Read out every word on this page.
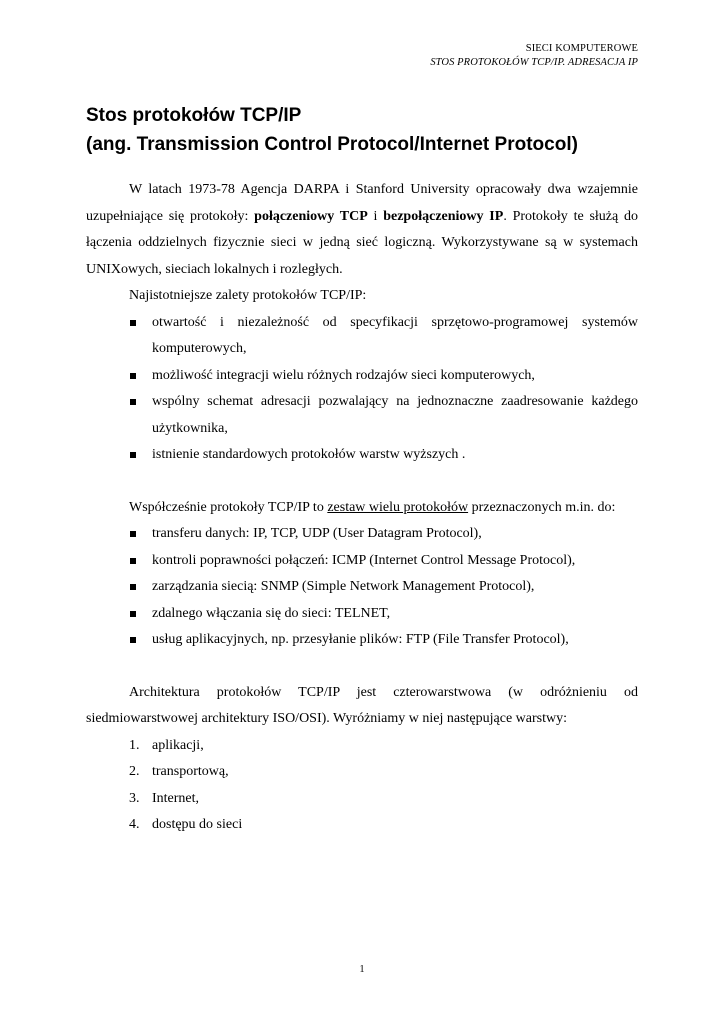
SIECI KOMPUTEROWE
STOS PROTOKOŁÓW TCP/IP. ADRESACJA IP
Stos protokołów TCP/IP
(ang. Transmission Control Protocol/Internet Protocol)

W latach 1973-78 Agencja DARPA i Stanford University opracowały dwa wzajemnie uzupełniające się protokoły: połączeniowy TCP i bezpołączeniowy IP. Protokoły te służą do łączenia oddzielnych fizycznie sieci w jedną sieć logiczną. Wykorzystywane są w systemach UNIXowych, sieciach lokalnych i rozległych.

Najistotniejsze zalety protokołów TCP/IP:

otwartość i niezależność od specyfikacji sprzętowo-programowej systemów komputerowych,
możliwość integracji wielu różnych rodzajów sieci komputerowych,
wspólny schemat adresacji pozwalający na jednoznaczne zaadresowanie każdego użytkownika,
istnienie standardowych protokołów warstw wyższych .

Współcześnie protokoły TCP/IP to zestaw wielu protokołów przeznaczonych m.in. do:

transferu danych: IP, TCP, UDP (User Datagram Protocol),
kontroli poprawności połączeń: ICMP (Internet Control Message Protocol),
zarządzania siecią: SNMP (Simple Network Management Protocol),
zdalnego włączania się do sieci: TELNET,
usług aplikacyjnych, np. przesyłanie plików: FTP (File Transfer Protocol),

Architektura protokołów TCP/IP jest czterowarstwowa (w odróżnieniu od siedmiowarstwowej architektury ISO/OSI). Wyróżniamy w niej następujące warstwy:

1. aplikacji,
2. transportową,
3. Internet,
4. dostępu do sieci
1
